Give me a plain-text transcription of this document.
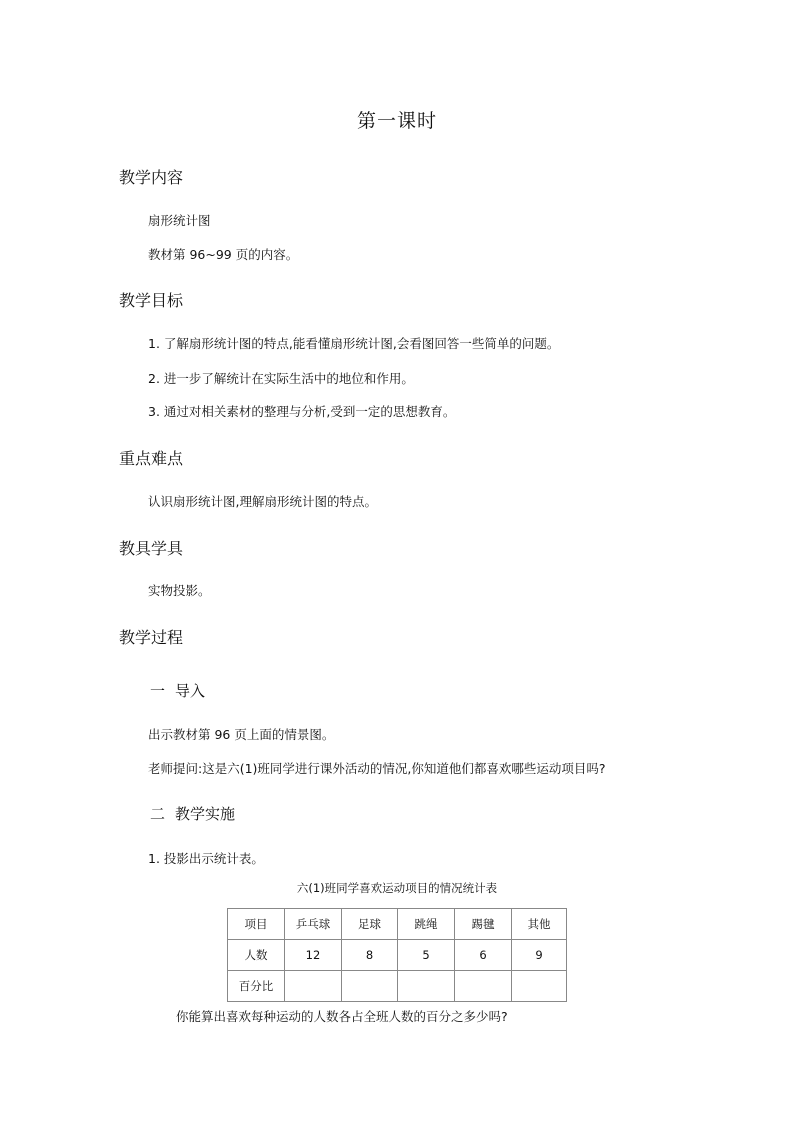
第一课时
教学内容
扇形统计图
教材第 96~99 页的内容。
教学目标
1. 了解扇形统计图的特点,能看懂扇形统计图,会看图回答一些简单的问题。
2. 进一步了解统计在实际生活中的地位和作用。
3. 通过对相关素材的整理与分析,受到一定的思想教育。
重点难点
认识扇形统计图,理解扇形统计图的特点。
教具学具
实物投影。
教学过程
一 导入
出示教材第 96 页上面的情景图。
老师提问:这是六(1)班同学进行课外活动的情况,你知道他们都喜欢哪些运动项目吗?
二 教学实施
1. 投影出示统计表。
六(1)班同学喜欢运动项目的情况统计表
项目	乒乓球	足球	跳绳	踢毽	其他
人数	12	8	5	6	9
百分比					
你能算出喜欢每种运动的人数各占全班人数的百分之多少吗?
